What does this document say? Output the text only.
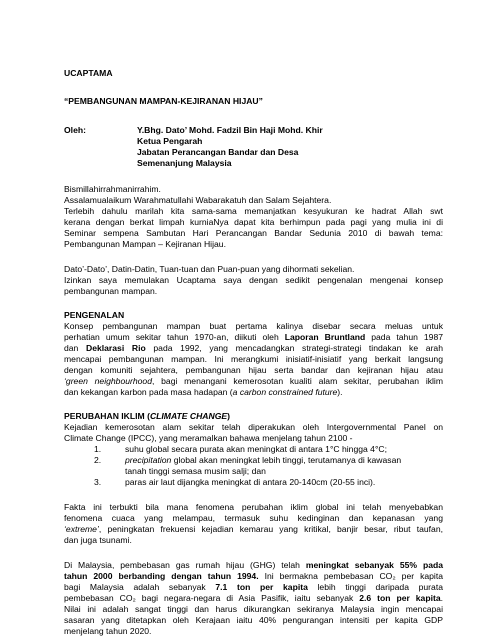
UCAPTAMA
“PEMBANGUNAN MAMPAN-KEJIRANAN HIJAU”
Oleh:	Y.Bhg. Dato’ Mohd. Fadzil Bin Haji Mohd. Khir
Ketua Pengarah
Jabatan Perancangan Bandar dan Desa
Semenanjung Malaysia
Bismillahirrahmanirrahim.
Assalamualaikum Warahmatullahi Wabarakatuh dan Salam Sejahtera.
Terlebih dahulu marilah kita sama-sama memanjatkan kesyukuran ke hadrat Allah swt
kerana dengan berkat limpah kurniaNya dapat kita berhimpun pada pagi yang mulia ini di
Seminar sempena Sambutan Hari Perancangan Bandar Sedunia 2010 di bawah tema:
Pembangunan Mampan – Kejiranan Hijau.
Dato’-Dato’, Datin-Datin, Tuan-tuan dan Puan-puan yang dihormati sekelian.
Izinkan saya memulakan Ucaptama saya dengan sedikit pengenalan mengenai konsep
pembangunan mampan.
PENGENALAN
Konsep pembangunan mampan buat pertama kalinya disebar secara meluas untuk
perhatian umum sekitar tahun 1970-an, diikuti oleh Laporan Bruntland pada tahun 1987
dan Deklarasi Rio pada 1992, yang mencadangkan strategi-strategi tindakan ke arah
mencapai pembangunan mampan. Ini merangkumi inisiatif-inisiatif yang berkait langsung
dengan komuniti sejahtera, pembangunan hijau serta bandar dan kejiranan hijau atau
‘green neighbourhood, bagi menangani kemerosotan kualiti alam sekitar, perubahan iklim
dan kekangan karbon pada masa hadapan (a carbon constrained future).
PERUBAHAN IKLIM (CLIMATE CHANGE)
Kejadian kemerosotan alam sekitar telah diperakukan oleh Intergovernmental Panel on
Climate Change (IPCC), yang meramalkan bahawa menjelang tahun 2100 -
1.	suhu global secara purata akan meningkat di antara 1°C hingga 4°C;
2.	precipitation global akan meningkat lebih tinggi, terutamanya di kawasan
tanah tinggi semasa musim salji; dan
3.	paras air laut dijangka meningkat di antara 20-140cm (20-55 inci).
Fakta ini terbukti bila mana fenomena perubahan iklim global ini telah menyebabkan
fenomena cuaca yang melampau, termasuk suhu kedinginan dan kepanasan yang
‘extreme’, peningkatan frekuensi kejadian kemarau yang kritikal, banjir besar, ribut taufan,
dan juga tsunami.
Di Malaysia, pembebasan gas rumah hijau (GHG) telah meningkat sebanyak 55% pada
tahun 2000 berbanding dengan tahun 1994. Ini bermakna pembebasan CO₂ per kapita
bagi Malaysia adalah sebanyak 7.1 ton per kapita lebih tinggi daripada purata
pembebasan CO₂ bagi negara-negara di Asia Pasifik, iaitu sebanyak 2.6 ton per kapita.
Nilai ini adalah sangat tinggi dan harus dikurangkan sekiranya Malaysia ingin mencapai
sasaran yang ditetapkan oleh Kerajaan iaitu 40% pengurangan intensiti per kapita GDP
menjelang tahun 2020.
